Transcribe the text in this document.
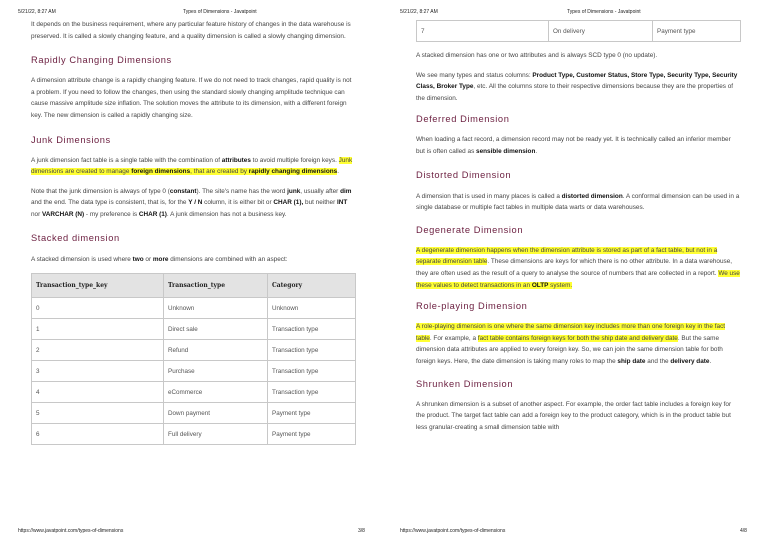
5/21/22, 8:27 AM	Types of Dimensions - Javatpoint

It depends on the business requirement, where any particular feature history of changes in the data warehouse is preserved. It is called a slowly changing feature, and a quality dimension is called a slowly changing dimension.

Rapidly Changing Dimensions

A dimension attribute change is a rapidly changing feature. If we do not need to track changes, rapid quality is not a problem. If you need to follow the changes, then using the standard slowly changing amplitude technique can cause massive amplitude size inflation. The solution moves the attribute to its dimension, with a different foreign key. The new dimension is called a rapidly changing size.

Junk Dimensions

A junk dimension fact table is a single table with the combination of attributes to avoid multiple foreign keys. Junk dimensions are created to manage foreign dimensions, that are created by rapidly changing dimensions.

Note that the junk dimension is always of type 0 (constant). The site's name has the word junk, usually after dim and the end. The data type is consistent, that is, for the Y / N column, it is either bit or CHAR (1), but neither INT nor VARCHAR (N) - my preference is CHAR (1). A junk dimension has not a business key.

Stacked dimension

A stacked dimension is used where two or more dimensions are combined with an aspect:

Transaction_type_key	Transaction_type	Category
0	Unknown	Unknown
1	Direct sale	Transaction type
2	Refund	Transaction type
3	Purchase	Transaction type
4	eCommerce	Transaction type
5	Down payment	Payment type
6	Full delivery	Payment type
https://www.javatpoint.com/types-of-dimensions	3/8
5/21/22, 8:27 AM	Types of Dimensions - Javatpoint
7	On delivery	Payment type

A stacked dimension has one or two attributes and is always SCD type 0 (no update).

We see many types and status columns: Product Type, Customer Status, Store Type, Security Type, Security Class, Broker Type, etc. All the columns store to their respective dimensions because they are the properties of the dimension.

Deferred Dimension

When loading a fact record, a dimension record may not be ready yet. It is technically called an inferior member but is often called as sensible dimension.

Distorted Dimension

A dimension that is used in many places is called a distorted dimension. A conformal dimension can be used in a single database or multiple fact tables in multiple data warts or data warehouses.

Degenerate Dimension

A degenerate dimension happens when the dimension attribute is stored as part of a fact table, but not in a separate dimension table. These dimensions are keys for which there is no other attribute. In a data warehouse, they are often used as the result of a query to analyse the source of numbers that are collected in a report. We use these values to detect transactions in an OLTP system.

Role-playing Dimension

A role-playing dimension is one where the same dimension key includes more than one foreign key in the fact table. For example, a fact table contains foreign keys for both the ship date and delivery date. But the same dimension data attributes are applied to every foreign key. So, we can join the same dimension table for both foreign keys. Here, the date dimension is taking many roles to map the ship date and the delivery date.

Shrunken Dimension

A shrunken dimension is a subset of another aspect. For example, the order fact table includes a foreign key for the product. The target fact table can add a foreign key to the product category, which is in the product table but less granular-creating a small dimension table with

https://www.javatpoint.com/types-of-dimensions	4/8
